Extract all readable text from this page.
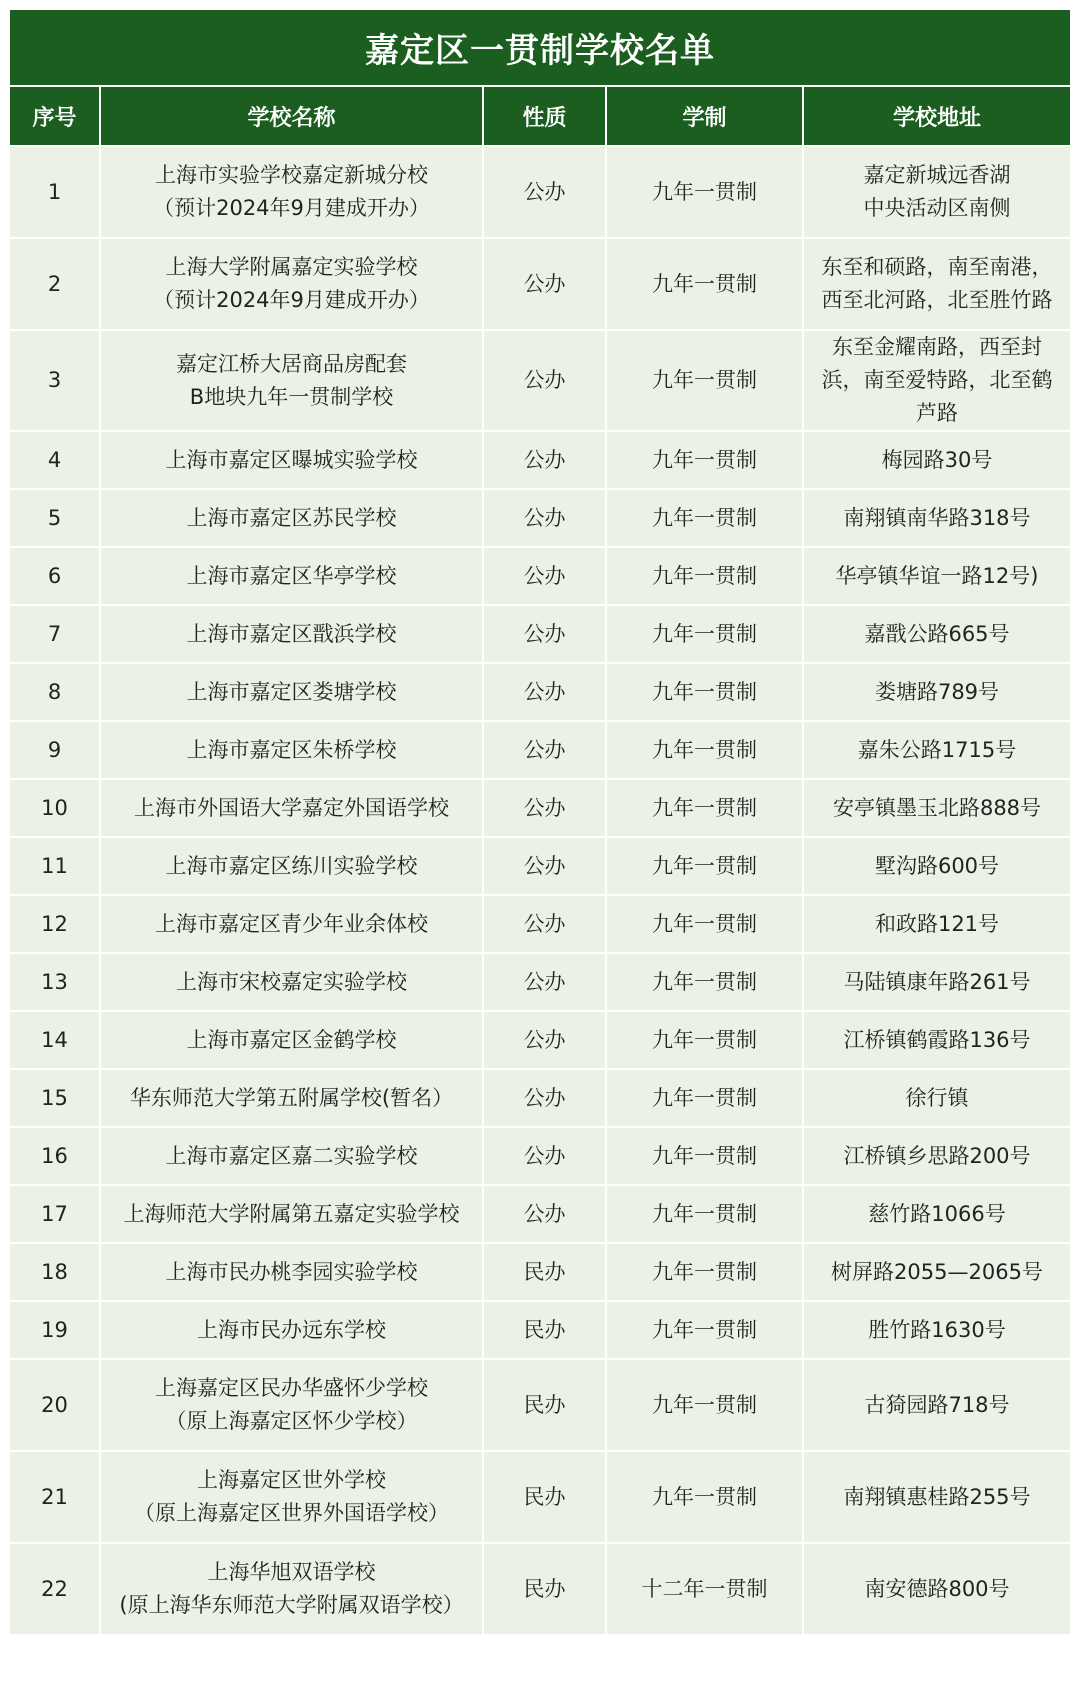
嘉定区一贯制学校名单
序号	学校名称	性质	学制	学校地址
1	上海市实验学校嘉定新城分校
（预计2024年9月建成开办）	公办	九年一贯制	嘉定新城远香湖
中央活动区南侧

2	上海大学附属嘉定实验学校
（预计2024年9月建成开办）	公办	九年一贯制	东至和硕路，南至南港，
西至北河路，北至胜竹路

3	嘉定江桥大居商品房配套
B地块九年一贯制学校	公办	九年一贯制	东至金耀南路，西至封
浜，南至爱特路，北至鹤
芦路

4	上海市嘉定区曝城实验学校	公办	九年一贯制	梅园路30号

5	上海市嘉定区苏民学校	公办	九年一贯制	南翔镇南华路318号

6	上海市嘉定区华亭学校	公办	九年一贯制	华亭镇华谊一路12号)

7	上海市嘉定区戬浜学校	公办	九年一贯制	嘉戬公路665号

8	上海市嘉定区娄塘学校	公办	九年一贯制	娄塘路789号

9	上海市嘉定区朱桥学校	公办	九年一贯制	嘉朱公路1715号

10	上海市外国语大学嘉定外国语学校	公办	九年一贯制	安亭镇墨玉北路888号

11	上海市嘉定区练川实验学校	公办	九年一贯制	墅沟路600号

12	上海市嘉定区青少年业余体校	公办	九年一贯制	和政路121号

13	上海市宋校嘉定实验学校	公办	九年一贯制	马陆镇康年路261号

14	上海市嘉定区金鹤学校	公办	九年一贯制	江桥镇鹤霞路136号

15	华东师范大学第五附属学校(暂名）	公办	九年一贯制	徐行镇

16	上海市嘉定区嘉二实验学校	公办	九年一贯制	江桥镇乡思路200号

17	上海师范大学附属第五嘉定实验学校	公办	九年一贯制	慈竹路1066号

18	上海市民办桃李园实验学校	民办	九年一贯制	树屏路2055—2065号

19	上海市民办远东学校	民办	九年一贯制	胜竹路1630号

20	上海嘉定区民办华盛怀少学校
（原上海嘉定区怀少学校）	民办	九年一贯制	古猗园路718号

21	上海嘉定区世外学校
（原上海嘉定区世界外国语学校）	民办	九年一贯制	南翔镇惠桂路255号

22	上海华旭双语学校
(原上海华东师范大学附属双语学校）	民办	十二年一贯制	南安德路800号
